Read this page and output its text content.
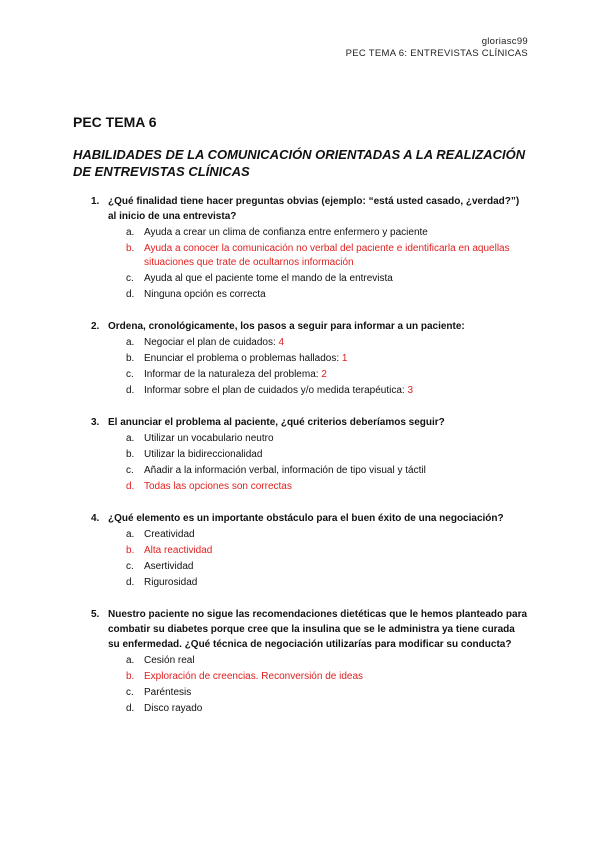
gloriasc99
PEC TEMA 6: ENTREVISTAS CLÍNICAS
PEC TEMA 6
HABILIDADES DE LA COMUNICACIÓN ORIENTADAS A LA REALIZACIÓN DE ENTREVISTAS CLÍNICAS
1. ¿Qué finalidad tiene hacer preguntas obvias (ejemplo: “está usted casado, ¿verdad?”) al inicio de una entrevista?
a. Ayuda a crear un clima de confianza entre enfermero y paciente
b. Ayuda a conocer la comunicación no verbal del paciente e identificarla en aquellas situaciones que trate de ocultarnos información
c.	Ayuda al que el paciente tome el mando de la entrevista
d. Ninguna opción es correcta
2. Ordena, cronológicamente, los pasos a seguir para informar a un paciente:
a. Negociar el plan de cuidados: 4
b. Enunciar el problema o problemas hallados: 1
c.	Informar de la naturaleza del problema: 2
d. Informar sobre el plan de cuidados y/o medida terapéutica: 3
3. El anunciar el problema al paciente, ¿qué criterios deberíamos seguir?
a. Utilizar un vocabulario neutro
b. Utilizar la bidireccionalidad
c.	Añadir a la información verbal, información de tipo visual y táctil
d. Todas las opciones son correctas
4. ¿Qué elemento es un importante obstáculo para el buen éxito de una negociación?
a. Creatividad
b. Alta reactividad
c.	Asertividad
d. Rigurosidad
5. Nuestro paciente no sigue las recomendaciones dietéticas que le hemos planteado para combatir su diabetes porque cree que la insulina que se le administra ya tiene curada su enfermedad. ¿Qué técnica de negociación utilizarías para modificar su conducta?
a. Cesión real
b. Exploración de creencias. Reconversión de ideas
c.	Paréntesis
d. Disco rayado
